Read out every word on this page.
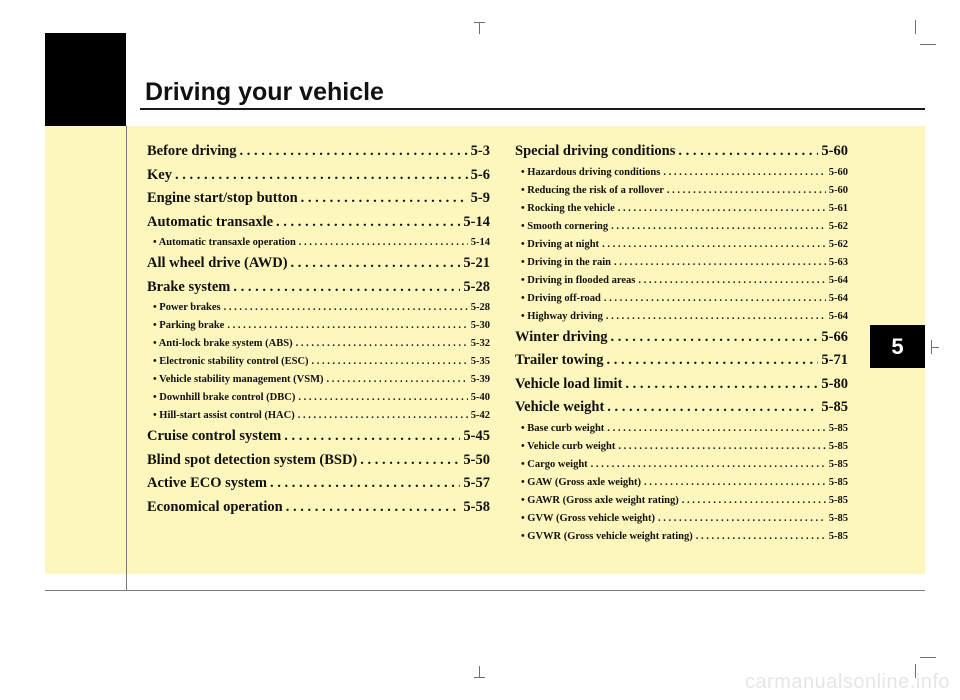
Driving your vehicle
Before driving . . .	5-3
Key . . .	5-6
Engine start/stop button . . .	5-9
Automatic transaxle . . .	5-14
• Automatic transaxle operation . . .	5-14
All wheel drive (AWD) . . .	5-21
Brake system . . .	5-28
• Power brakes . . .	5-28
• Parking brake . . .	5-30
• Anti-lock brake system (ABS) . . .	5-32
• Electronic stability control (ESC) . . .	5-35
• Vehicle stability management (VSM) . . .	5-39
• Downhill brake control (DBC) . . .	5-40
• Hill-start assist control (HAC) . . .	5-42
Cruise control system . . .	5-45
Blind spot detection system (BSD) . . .	5-50
Active ECO system . . .	5-57
Economical operation . . .	5-58
Special driving conditions . . .	5-60
• Hazardous driving conditions . . .	5-60
• Reducing the risk of a rollover . . .	5-60
• Rocking the vehicle . . .	5-61
• Smooth cornering . . .	5-62
• Driving at night . . .	5-62
• Driving in the rain . . .	5-63
• Driving in flooded areas . . .	5-64
• Driving off-road . . .	5-64
• Highway driving . . .	5-64
Winter driving . . .	5-66
Trailer towing . . .	5-71
Vehicle load limit . . .	5-80
Vehicle weight . . .	5-85
• Base curb weight . . .	5-85
• Vehicle curb weight . . .	5-85
• Cargo weight . . .	5-85
• GAW (Gross axle weight) . . .	5-85
• GAWR (Gross axle weight rating) . . .	5-85
• GVW (Gross vehicle weight) . . .	5-85
• GVWR (Gross vehicle weight rating) . . .	5-85
5
carmanualsonline.info
